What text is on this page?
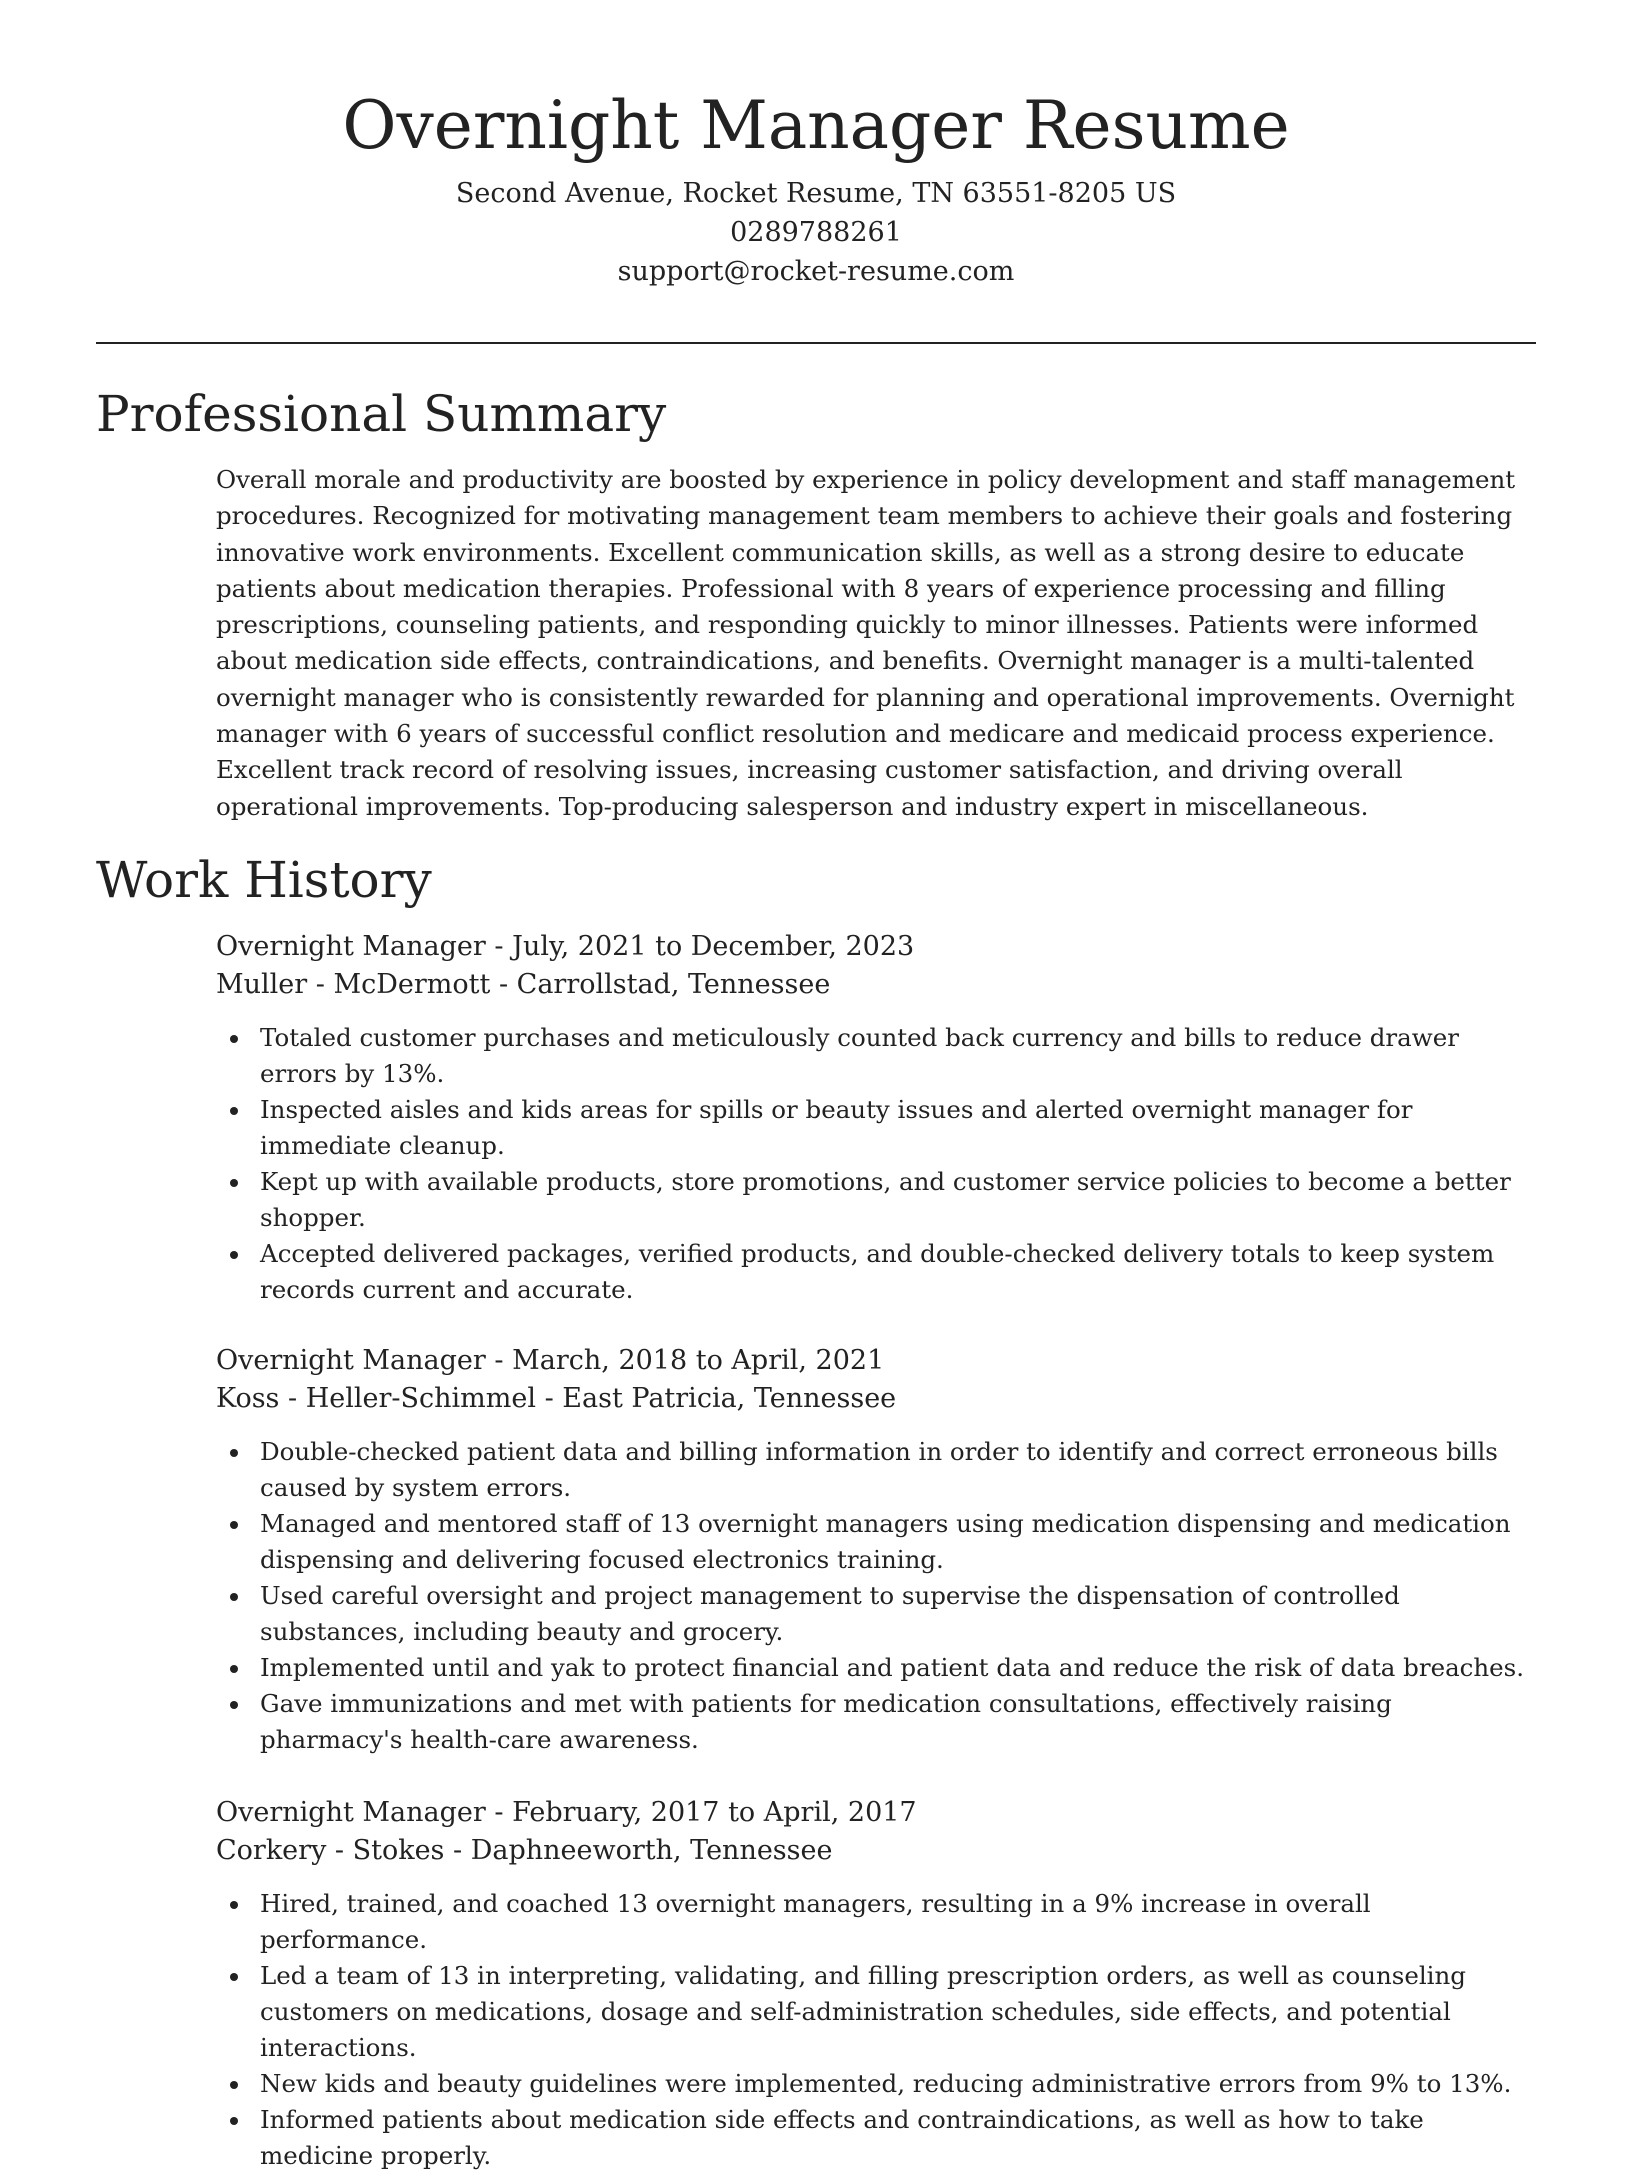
Overnight Manager Resume
Second Avenue, Rocket Resume, TN 63551-8205 US
0289788261
support@rocket-resume.com
Professional Summary

Overall morale and productivity are boosted by experience in policy development and staff management procedures. Recognized for motivating management team members to achieve their goals and fostering innovative work environments. Excellent communication skills, as well as a strong desire to educate patients about medication therapies. Professional with 8 years of experience processing and filling prescriptions, counseling patients, and responding quickly to minor illnesses. Patients were informed about medication side effects, contraindications, and benefits. Overnight manager is a multi-talented overnight manager who is consistently rewarded for planning and operational improvements. Overnight manager with 6 years of successful conflict resolution and medicare and medicaid process experience. Excellent track record of resolving issues, increasing customer satisfaction, and driving overall operational improvements. Top-producing salesperson and industry expert in miscellaneous.

Work History
Overnight Manager - July, 2021 to December, 2023
Muller - McDermott - Carrollstad, Tennessee
Totaled customer purchases and meticulously counted back currency and bills to reduce drawer errors by 13%.
Inspected aisles and kids areas for spills or beauty issues and alerted overnight manager for immediate cleanup.
Kept up with available products, store promotions, and customer service policies to become a better shopper.
Accepted delivered packages, verified products, and double-checked delivery totals to keep system records current and accurate.
Overnight Manager - March, 2018 to April, 2021
Koss - Heller-Schimmel - East Patricia, Tennessee
Double-checked patient data and billing information in order to identify and correct erroneous bills caused by system errors.
Managed and mentored staff of 13 overnight managers using medication dispensing and medication dispensing and delivering focused electronics training.
Used careful oversight and project management to supervise the dispensation of controlled substances, including beauty and grocery.
Implemented until and yak to protect financial and patient data and reduce the risk of data breaches.
Gave immunizations and met with patients for medication consultations, effectively raising pharmacy's health-care awareness.
Overnight Manager - February, 2017 to April, 2017
Corkery - Stokes - Daphneeworth, Tennessee
Hired, trained, and coached 13 overnight managers, resulting in a 9% increase in overall performance.
Led a team of 13 in interpreting, validating, and filling prescription orders, as well as counseling customers on medications, dosage and self-administration schedules, side effects, and potential interactions.
New kids and beauty guidelines were implemented, reducing administrative errors from 9% to 13%.
Informed patients about medication side effects and contraindications, as well as how to take medicine properly.
